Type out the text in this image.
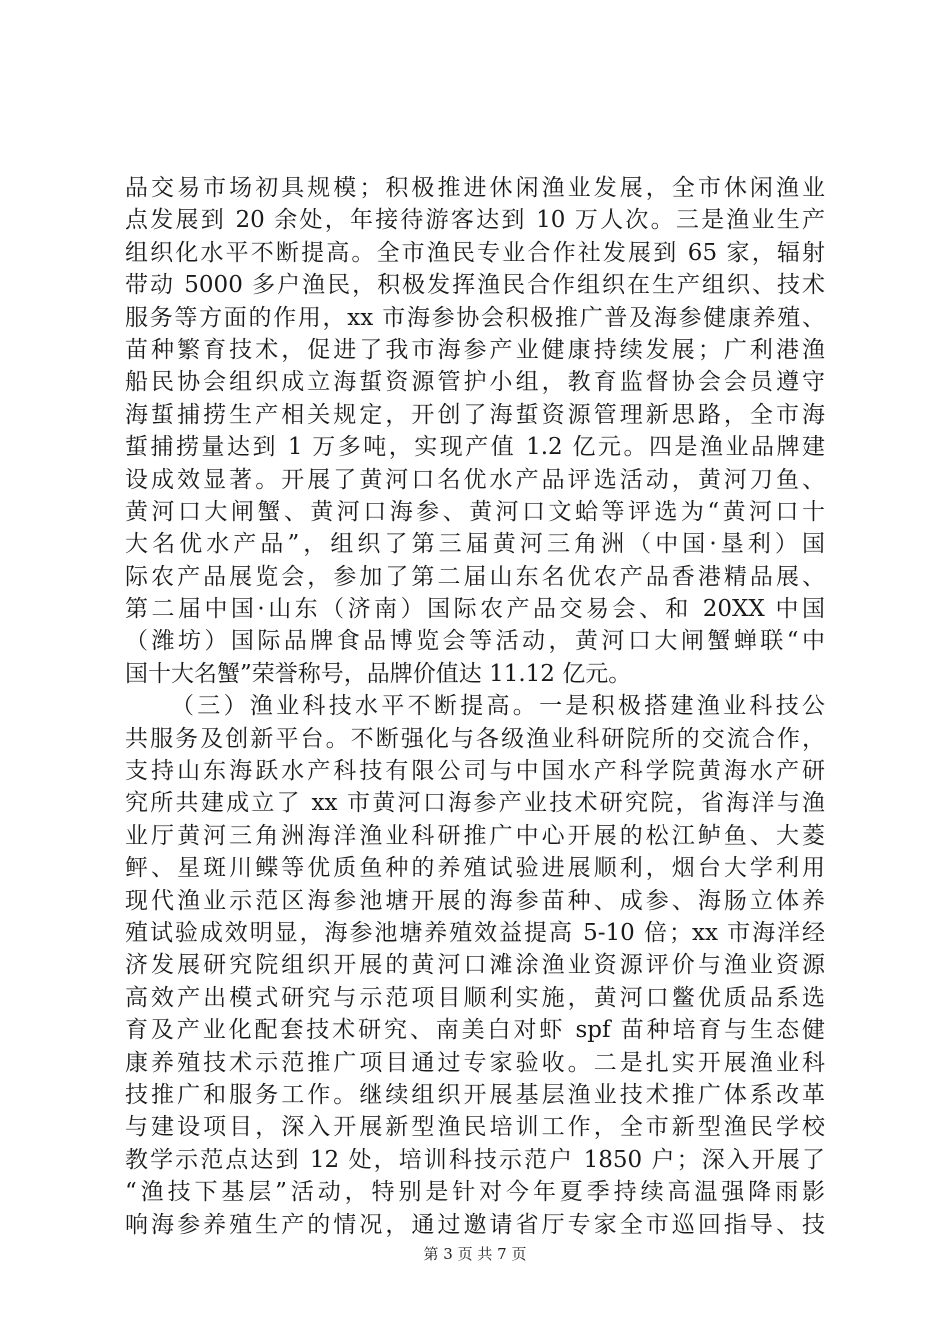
品交易市场初具规模；积极推进休闲渔业发展，全市休闲渔业
点发展到 20 余处，年接待游客达到 10 万人次。三是渔业生产
组织化水平不断提高。全市渔民专业合作社发展到 65 家，辐射
带动 5000 多户渔民，积极发挥渔民合作组织在生产组织、技术
服务等方面的作用，xx 市海参协会积极推广普及海参健康养殖、
苗种繁育技术，促进了我市海参产业健康持续发展；广利港渔
船民协会组织成立海蜇资源管护小组，教育监督协会会员遵守
海蜇捕捞生产相关规定，开创了海蜇资源管理新思路，全市海
蜇捕捞量达到 1 万多吨，实现产值 1.2 亿元。四是渔业品牌建
设成效显著。开展了黄河口名优水产品评选活动，黄河刀鱼、
黄河口大闸蟹、黄河口海参、黄河口文蛤等评选为“黄河口十
大名优水产品”，组织了第三届黄河三角洲（中国·垦利）国
际农产品展览会，参加了第二届山东名优农产品香港精品展、
第二届中国·山东（济南）国际农产品交易会、和 20XX 中国
（潍坊）国际品牌食品博览会等活动，黄河口大闸蟹蝉联“中
国十大名蟹”荣誉称号，品牌价值达 11.12 亿元。
（三）渔业科技水平不断提高。一是积极搭建渔业科技公
共服务及创新平台。不断强化与各级渔业科研院所的交流合作，
支持山东海跃水产科技有限公司与中国水产科学院黄海水产研
究所共建成立了 xx 市黄河口海参产业技术研究院，省海洋与渔
业厅黄河三角洲海洋渔业科研推广中心开展的松江鲈鱼、大菱
鲆、星斑川鲽等优质鱼种的养殖试验进展顺利，烟台大学利用
现代渔业示范区海参池塘开展的海参苗种、成参、海肠立体养
殖试验成效明显，海参池塘养殖效益提高 5-10 倍；xx 市海洋经
济发展研究院组织开展的黄河口滩涂渔业资源评价与渔业资源
高效产出模式研究与示范项目顺利实施，黄河口鳖优质品系选
育及产业化配套技术研究、南美白对虾 spf 苗种培育与生态健
康养殖技术示范推广项目通过专家验收。二是扎实开展渔业科
技推广和服务工作。继续组织开展基层渔业技术推广体系改革
与建设项目，深入开展新型渔民培训工作，全市新型渔民学校
教学示范点达到 12 处，培训科技示范户 1850 户；深入开展了
“渔技下基层”活动，特别是针对今年夏季持续高温强降雨影
响海参养殖生产的情况，通过邀请省厅专家全市巡回指导、技
第 3 页 共 7 页
